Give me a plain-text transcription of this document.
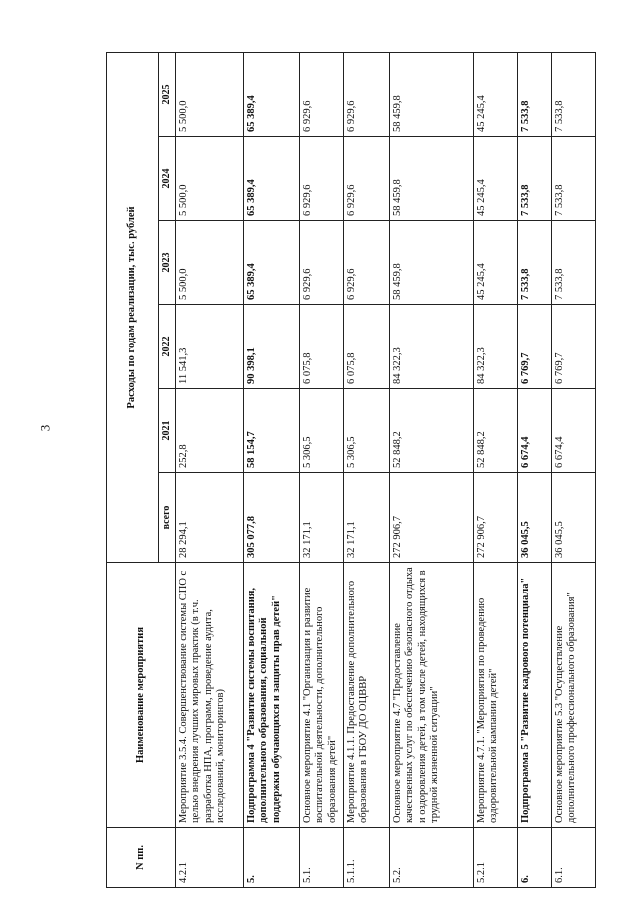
3
N пп.	Наименование мероприятия	Расходы по годам реализации, тыс. рублей					
		всего	2021	2022	2023	2024	2025
4.2.1	Мероприятие 3.5.4. Совершенствование системы СПО с целью внедрения лучших мировых практик (в т.ч. разработка НПА, программ, проведение аудита, исследований, мониторингов)	28 294,1	252,8	11 541,3	5 500,0	5 500,0	5 500,0
5.	Подпрограмма 4 "Развитие системы воспитания, дополнительного образования, социальной поддержки обучающихся и защиты прав детей"	305 077,8	58 154,7	90 398,1	65 389,4	65 389,4	65 389,4
5.1.	Основное мероприятие 4.1 "Организация и развитие воспитательной деятельности, дополнительного образования детей"	32 171,1	5 306,5	6 075,8	6 929,6	6 929,6	6 929,6
5.1.1.	Мероприятие 4.1.1. Предоставление дополнительного образования в ГБОУ ДО ОЦВВР	32 171,1	5 306,5	6 075,8	6 929,6	6 929,6	6 929,6
5.2.	Основное мероприятие 4.7 "Предоставление качественных услуг по обеспечению безопасного отдыха и оздоровления детей, в том числе детей, находящихся в трудной жизненной ситуации"	272 906,7	52 848,2	84 322,3	58 459,8	58 459,8	58 459,8
5.2.1	Мероприятие 4.7.1. "Мероприятия по проведению оздоровительной кампании детей"	272 906,7	52 848,2	84 322,3	45 245,4	45 245,4	45 245,4
6.	Подпрограмма 5 "Развитие кадрового потенциала"	36 045,5	6 674,4	6 769,7	7 533,8	7 533,8	7 533,8
6.1.	Основное мероприятие 5.3 "Осуществление дополнительного профессионального образования"	36 045,5	6 674,4	6 769,7	7 533,8	7 533,8	7 533,8
